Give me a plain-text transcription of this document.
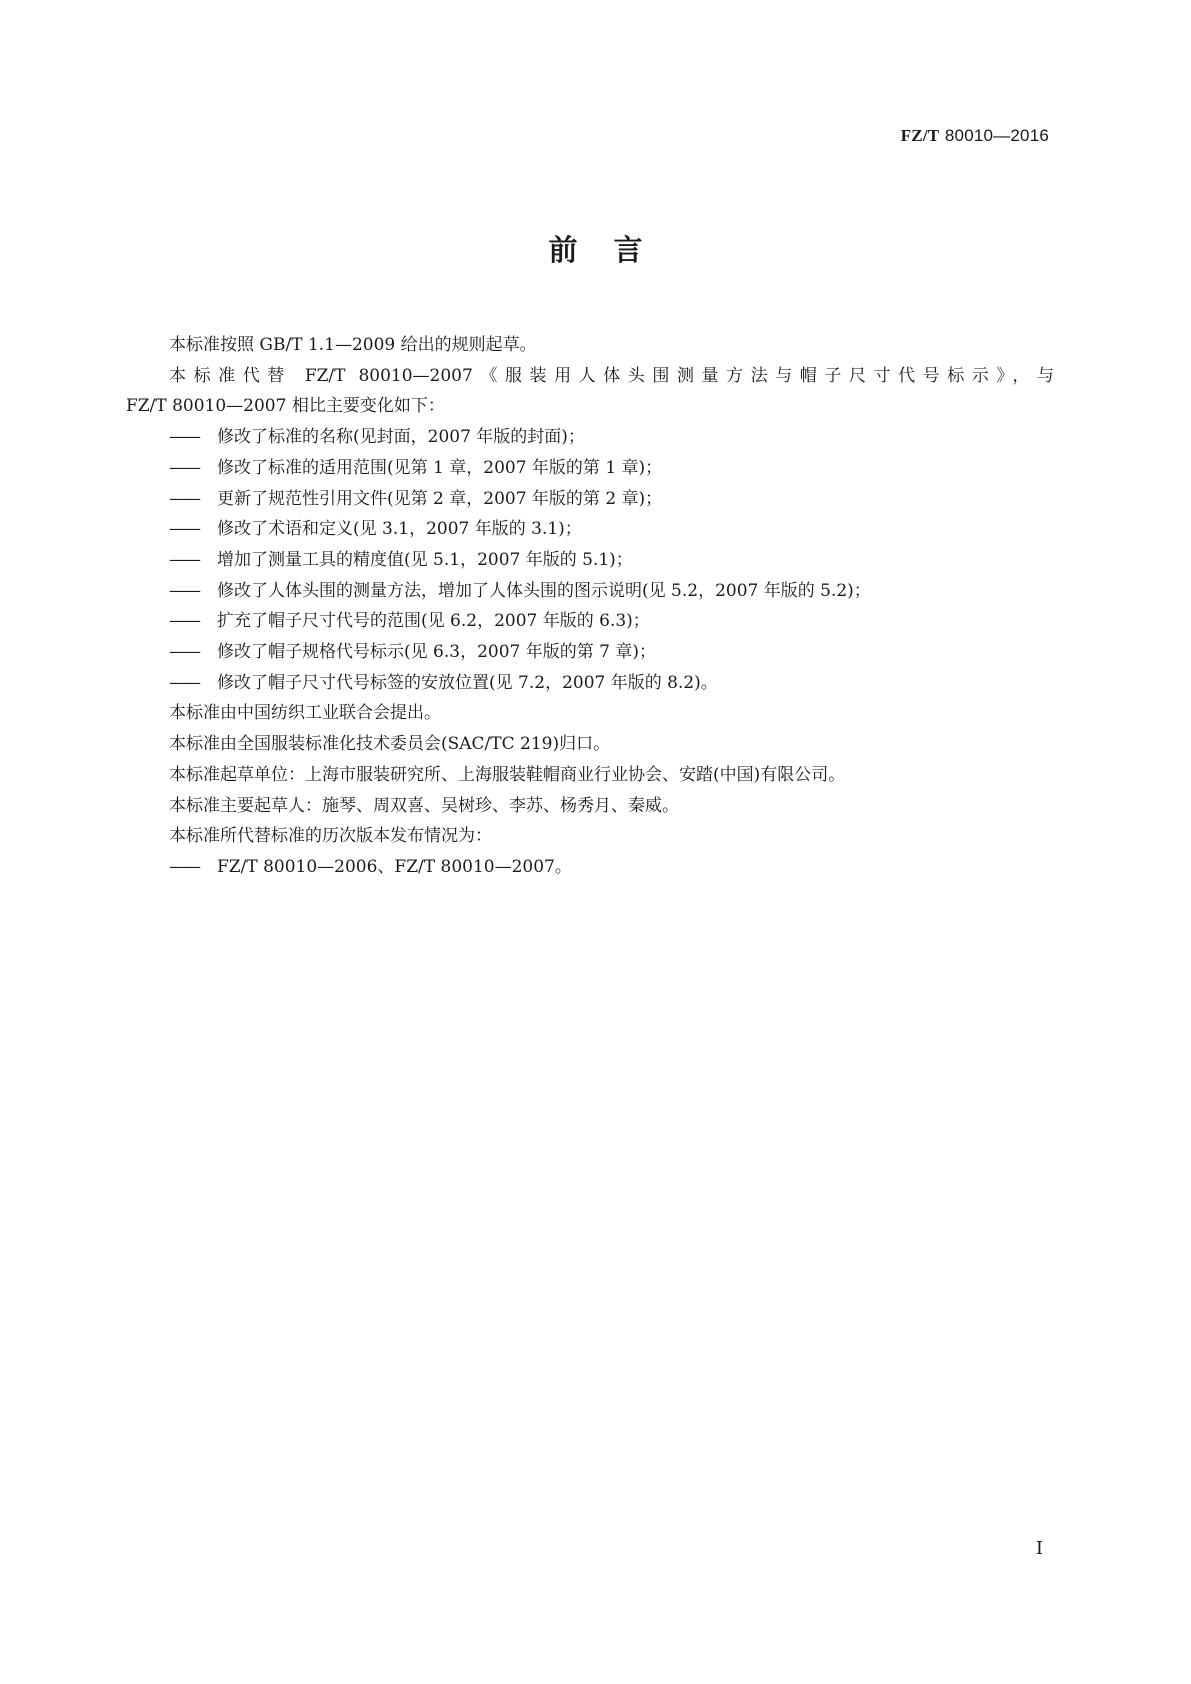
FZ/T 80010—2016
前言

本标准按照 GB/T 1.1—2009 给出的规则起草。

本标准代替 FZ/T 80010—2007《服装用人体头围测量方法与帽子尺寸代号标示》，与

FZ/T 80010—2007 相比主要变化如下：

—— 修改了标准的名称(见封面，2007 年版的封面)；

—— 修改了标准的适用范围(见第 1 章，2007 年版的第 1 章)；

—— 更新了规范性引用文件(见第 2 章，2007 年版的第 2 章)；

—— 修改了术语和定义(见 3.1，2007 年版的 3.1)；

—— 增加了测量工具的精度值(见 5.1，2007 年版的 5.1)；

—— 修改了人体头围的测量方法，增加了人体头围的图示说明(见 5.2，2007 年版的 5.2)；

—— 扩充了帽子尺寸代号的范围(见 6.2，2007 年版的 6.3)；

—— 修改了帽子规格代号标示(见 6.3，2007 年版的第 7 章)；

—— 修改了帽子尺寸代号标签的安放位置(见 7.2，2007 年版的 8.2)。

本标准由中国纺织工业联合会提出。

本标准由全国服装标准化技术委员会(SAC/TC 219)归口。

本标准起草单位：上海市服装研究所、上海服装鞋帽商业行业协会、安踏(中国)有限公司。

本标准主要起草人：施琴、周双喜、吴树珍、李苏、杨秀月、秦威。

本标准所代替标准的历次版本发布情况为：

—— FZ/T 80010—2006、FZ/T 80010—2007。

I
